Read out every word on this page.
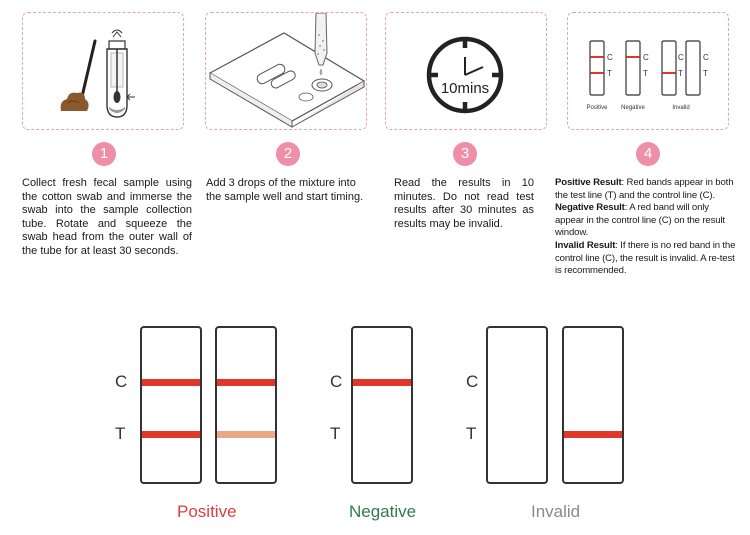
1
Collect fresh fecal sample using the cotton swab and immerse the swab into the sample collection tube. Rotate and squeeze the swab head from the outer wall of the tube for at least 30 seconds.
2
Add 3 drops of the mixture into the sample well and start timing.
10mins
3
Read the results in 10 minutes. Do not read test results after 30 minutes as results may be invalid.
C
T
C
T
C
T
C
T
Positive Negative	Invalid
4
Positive Result: Red bands appear in both the test line (T) and the control line (C).
Negative Result: A red band will only appear in the control line (C) on the result window.
Invalid Result: If there is no red band in the control line (C), the result is invalid. A re-test is recommended.
C
T
Positive
C
T
Negative
C
T
Invalid
